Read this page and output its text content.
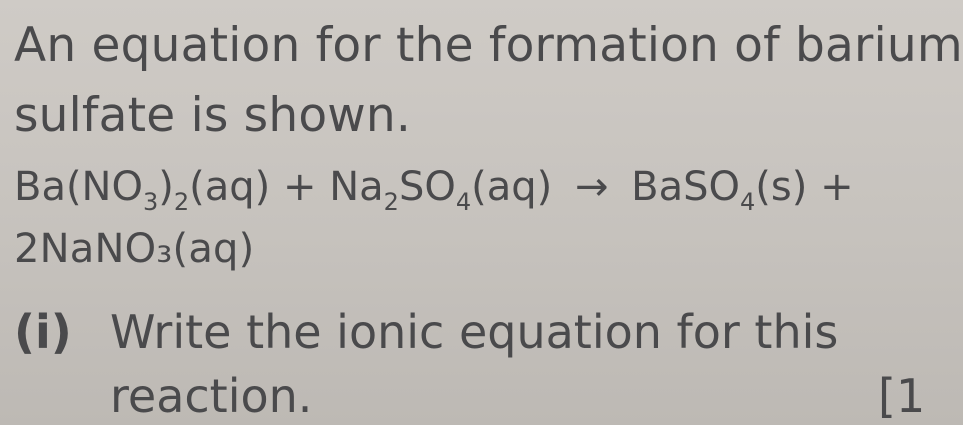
An equation for the formation of barium
sulfate is shown.
$Ba(NO_3)_2(aq) + Na_2SO_4(aq)$ → BaSO$_4$(s) +
2NaNO₃(aq)
(i) Write the ionic equation for this
reaction.	[1
